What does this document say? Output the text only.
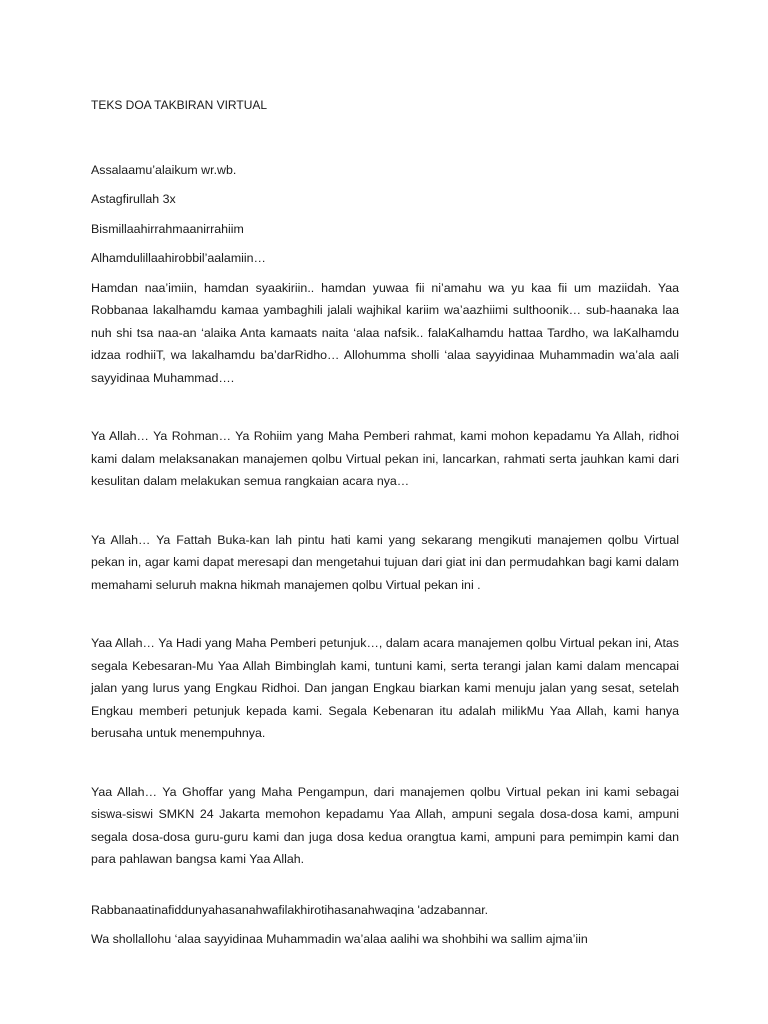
TEKS DOA TAKBIRAN VIRTUAL

Assalaamu’alaikum wr.wb.

Astagfirullah 3x

Bismillaahirrahmaanirrahiim

Alhamdulillaahirobbil’aalamiin…

Hamdan naa’imiin, hamdan syaakiriin.. hamdan yuwaa fii ni’amahu wa yu kaa fii um maziidah. Yaa Robbanaa lakalhamdu kamaa yambaghili jalali wajhikal kariim wa’aazhiimi sulthoonik… sub-haanaka laa nuh shi tsa naa-an ‘alaika Anta kamaats naita ‘alaa nafsik.. falaKalhamdu hattaa Tardho, wa laKalhamdu idzaa rodhiiT, wa lakalhamdu ba’darRidho… Allohumma sholli ‘alaa sayyidinaa Muhammadin wa’ala aali sayyidinaa Muhammad….

Ya Allah… Ya Rohman… Ya Rohiim yang Maha Pemberi rahmat, kami mohon kepadamu Ya Allah, ridhoi kami dalam melaksanakan manajemen qolbu Virtual pekan ini, lancarkan, rahmati serta jauhkan kami dari kesulitan dalam melakukan semua rangkaian acara nya…

Ya Allah… Ya Fattah Buka-kan lah pintu hati kami yang sekarang mengikuti manajemen qolbu Virtual pekan in, agar kami dapat meresapi dan mengetahui tujuan dari giat ini dan permudahkan bagi kami dalam memahami seluruh makna hikmah manajemen qolbu Virtual pekan ini .

Yaa Allah… Ya Hadi yang Maha Pemberi petunjuk…, dalam acara manajemen qolbu Virtual pekan ini, Atas segala Kebesaran-Mu Yaa Allah Bimbinglah kami, tuntuni kami, serta terangi jalan kami dalam mencapai jalan yang lurus yang Engkau Ridhoi. Dan jangan Engkau biarkan kami menuju jalan yang sesat, setelah Engkau memberi petunjuk kepada kami. Segala Kebenaran itu adalah milikMu Yaa Allah, kami hanya berusaha untuk menempuhnya.

Yaa Allah… Ya Ghoffar yang Maha Pengampun, dari manajemen qolbu Virtual pekan ini kami sebagai siswa-siswi SMKN 24 Jakarta memohon kepadamu Yaa Allah, ampuni segala dosa-dosa kami, ampuni segala dosa-dosa guru-guru kami dan juga dosa kedua orangtua kami, ampuni para pemimpin kami dan para pahlawan bangsa kami Yaa Allah.

Rabbanaatinafiddunyahasanahwafilakhirotihasanahwaqina 'adzabannar.

Wa shollallohu ‘alaa sayyidinaa Muhammadin wa’alaa aalihi wa shohbihi wa sallim ajma’iin
